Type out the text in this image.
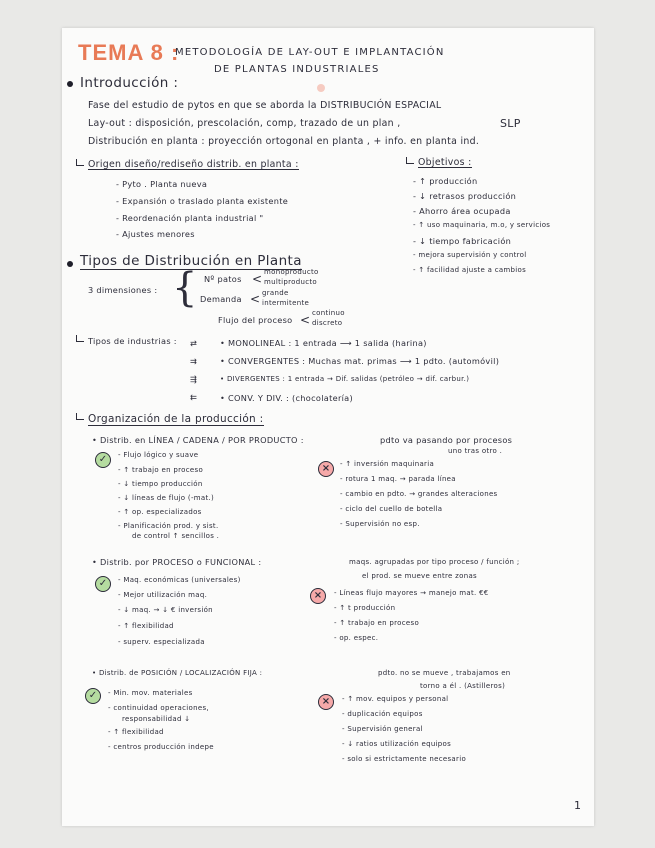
TEMA 8 :
METODOLOGÍA DE LAY-OUT E IMPLANTACIÓN
DE PLANTAS INDUSTRIALES
Introducción :
Fase del estudio de pytos en que se aborda la DISTRIBUCIÓN ESPACIAL
Lay-out : disposición, prescolación, comp, trazado de un plan ,	SLP
Distribución en planta : proyección ortogonal en planta , + info. en planta ind.
Origen diseño/rediseño distrib. en planta :
- Pyto . Planta nueva
- Expansión o traslado planta existente
- Reordenación planta industrial "
- Ajustes menores
Objetivos :
- ↑ producción
- ↓ retrasos producción
- Ahorro área ocupada
- ↑ uso maquinaria, m.o, y servicios
- ↓ tiempo fabricación
- mejora supervisión y control
- ↑ facilidad ajuste a cambios
Tipos de Distribución en Planta
3 dimensiones : { Nº patos < monoproducto
multiproducto
Demanda < grande
intermitente
Flujo del proceso < continuo
discreto
Tipos de industrias :
⇉
• MONOLINEAL : 1 entrada ⟶ 1 salida (harina)
⇶
• CONVERGENTES : Muchas mat. primas ⟶ 1 pdto. (automóvil)
⇇
• DIVERGENTES : 1 entrada → Dif. salidas (petróleo → dif. carbur.)
⇄
• CONV. Y DIV. : (chocolatería)
Organización de la producción :
• Distrib. en LÍNEA / CADENA / POR PRODUCTO :	pdto va pasando por procesos
uno tras otro .
✓	- Flujo lógico y suave
- ↑ trabajo en proceso
- ↓ tiempo producción
- ↓ líneas de flujo (-mat.)
- ↑ op. especializados
- Planificación prod. y sist.
de control ↑ sencillos .
×	- ↑ inversión maquinaria
- rotura 1 maq. → parada línea
- cambio en pdto. → grandes alteraciones
- ciclo del cuello de botella
- Supervisión no esp.
• Distrib. por PROCESO o FUNCIONAL :	maqs. agrupadas por tipo proceso / función ;
el prod. se mueve entre zonas
✓	- Maq. económicas (universales)
- Mejor utilización maq.
- ↓ maq. → ↓ € inversión
- ↑ flexibilidad
- superv. especializada
×	- Líneas flujo mayores → manejo mat. €€
- ↑ t producción
- ↑ trabajo en proceso
- op. espec.
• Distrib. de POSICIÓN / LOCALIZACIÓN FIJA :	pdto. no se mueve , trabajamos en
torno a él . (Astilleros)
✓	- Min. mov. materiales
- continuidad operaciones,
responsabilidad ↓
- ↑ flexibilidad
- centros producción indepe
×	- ↑ mov. equipos y personal
- duplicación equipos
- Supervisión general
- ↓ ratios utilización equipos
- solo si estrictamente necesario
1
